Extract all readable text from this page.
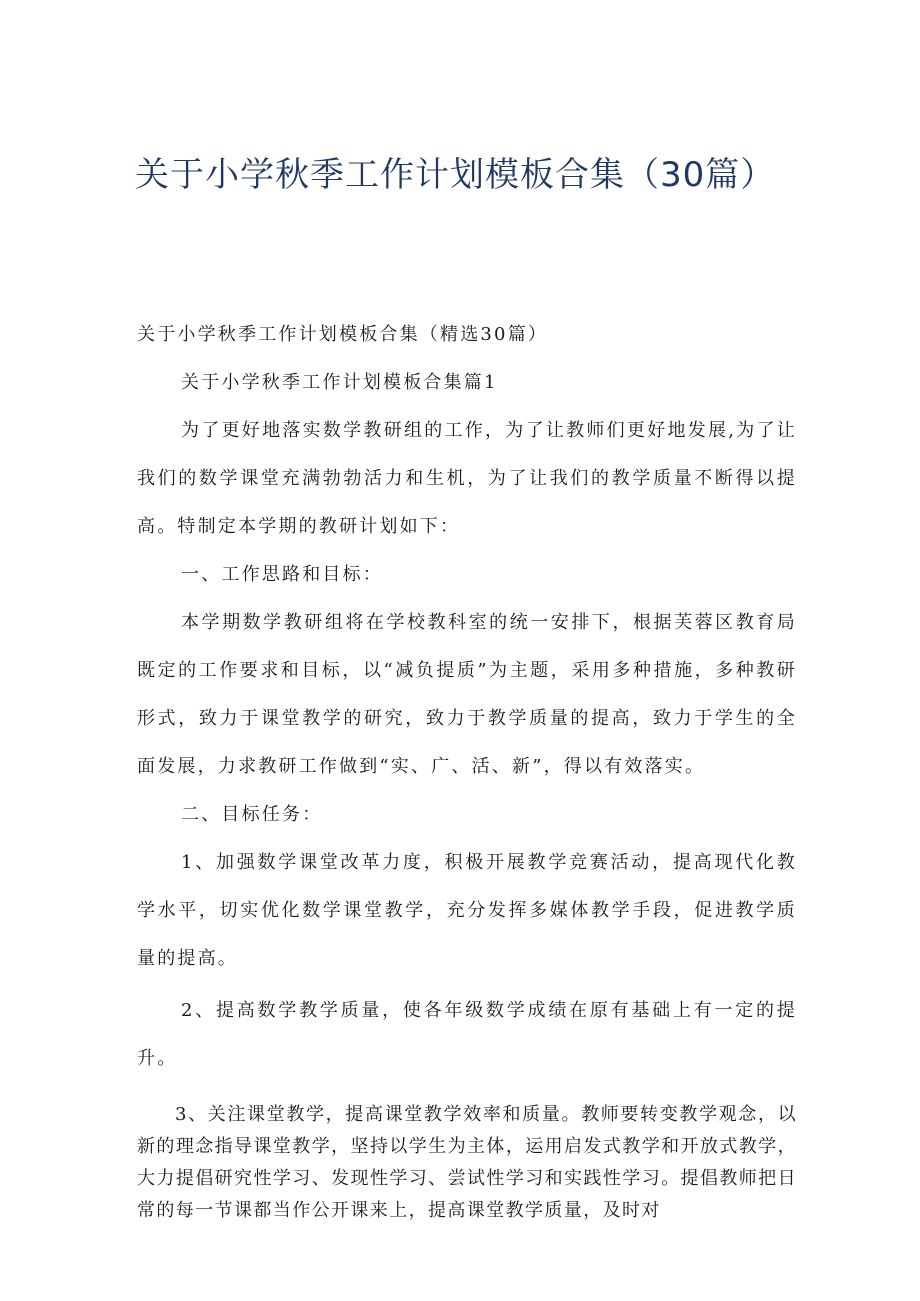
关于小学秋季工作计划模板合集（30篇）

关于小学秋季工作计划模板合集（精选30篇）

关于小学秋季工作计划模板合集篇1

为了更好地落实数学教研组的工作，为了让教师们更好地发展,为了让我们的数学课堂充满勃勃活力和生机，为了让我们的教学质量不断得以提高。特制定本学期的教研计划如下：

一、工作思路和目标：

本学期数学教研组将在学校教科室的统一安排下，根据芙蓉区教育局既定的工作要求和目标，以“减负提质”为主题，采用多种措施，多种教研形式，致力于课堂教学的研究，致力于教学质量的提高，致力于学生的全面发展，力求教研工作做到“实、广、活、新”，得以有效落实。

二、目标任务：

1、加强数学课堂改革力度，积极开展教学竞赛活动，提高现代化教学水平，切实优化数学课堂教学，充分发挥多媒体教学手段，促进教学质量的提高。

2、提高数学教学质量，使各年级数学成绩在原有基础上有一定的提升。

3、关注课堂教学，提高课堂教学效率和质量。教师要转变教学观念，以新的理念指导课堂教学，坚持以学生为主体，运用启发式教学和开放式教学，大力提倡研究性学习、发现性学习、尝试性学习和实践性学习。提倡教师把日常的每一节课都当作公开课来上，提高课堂教学质量，及时对
